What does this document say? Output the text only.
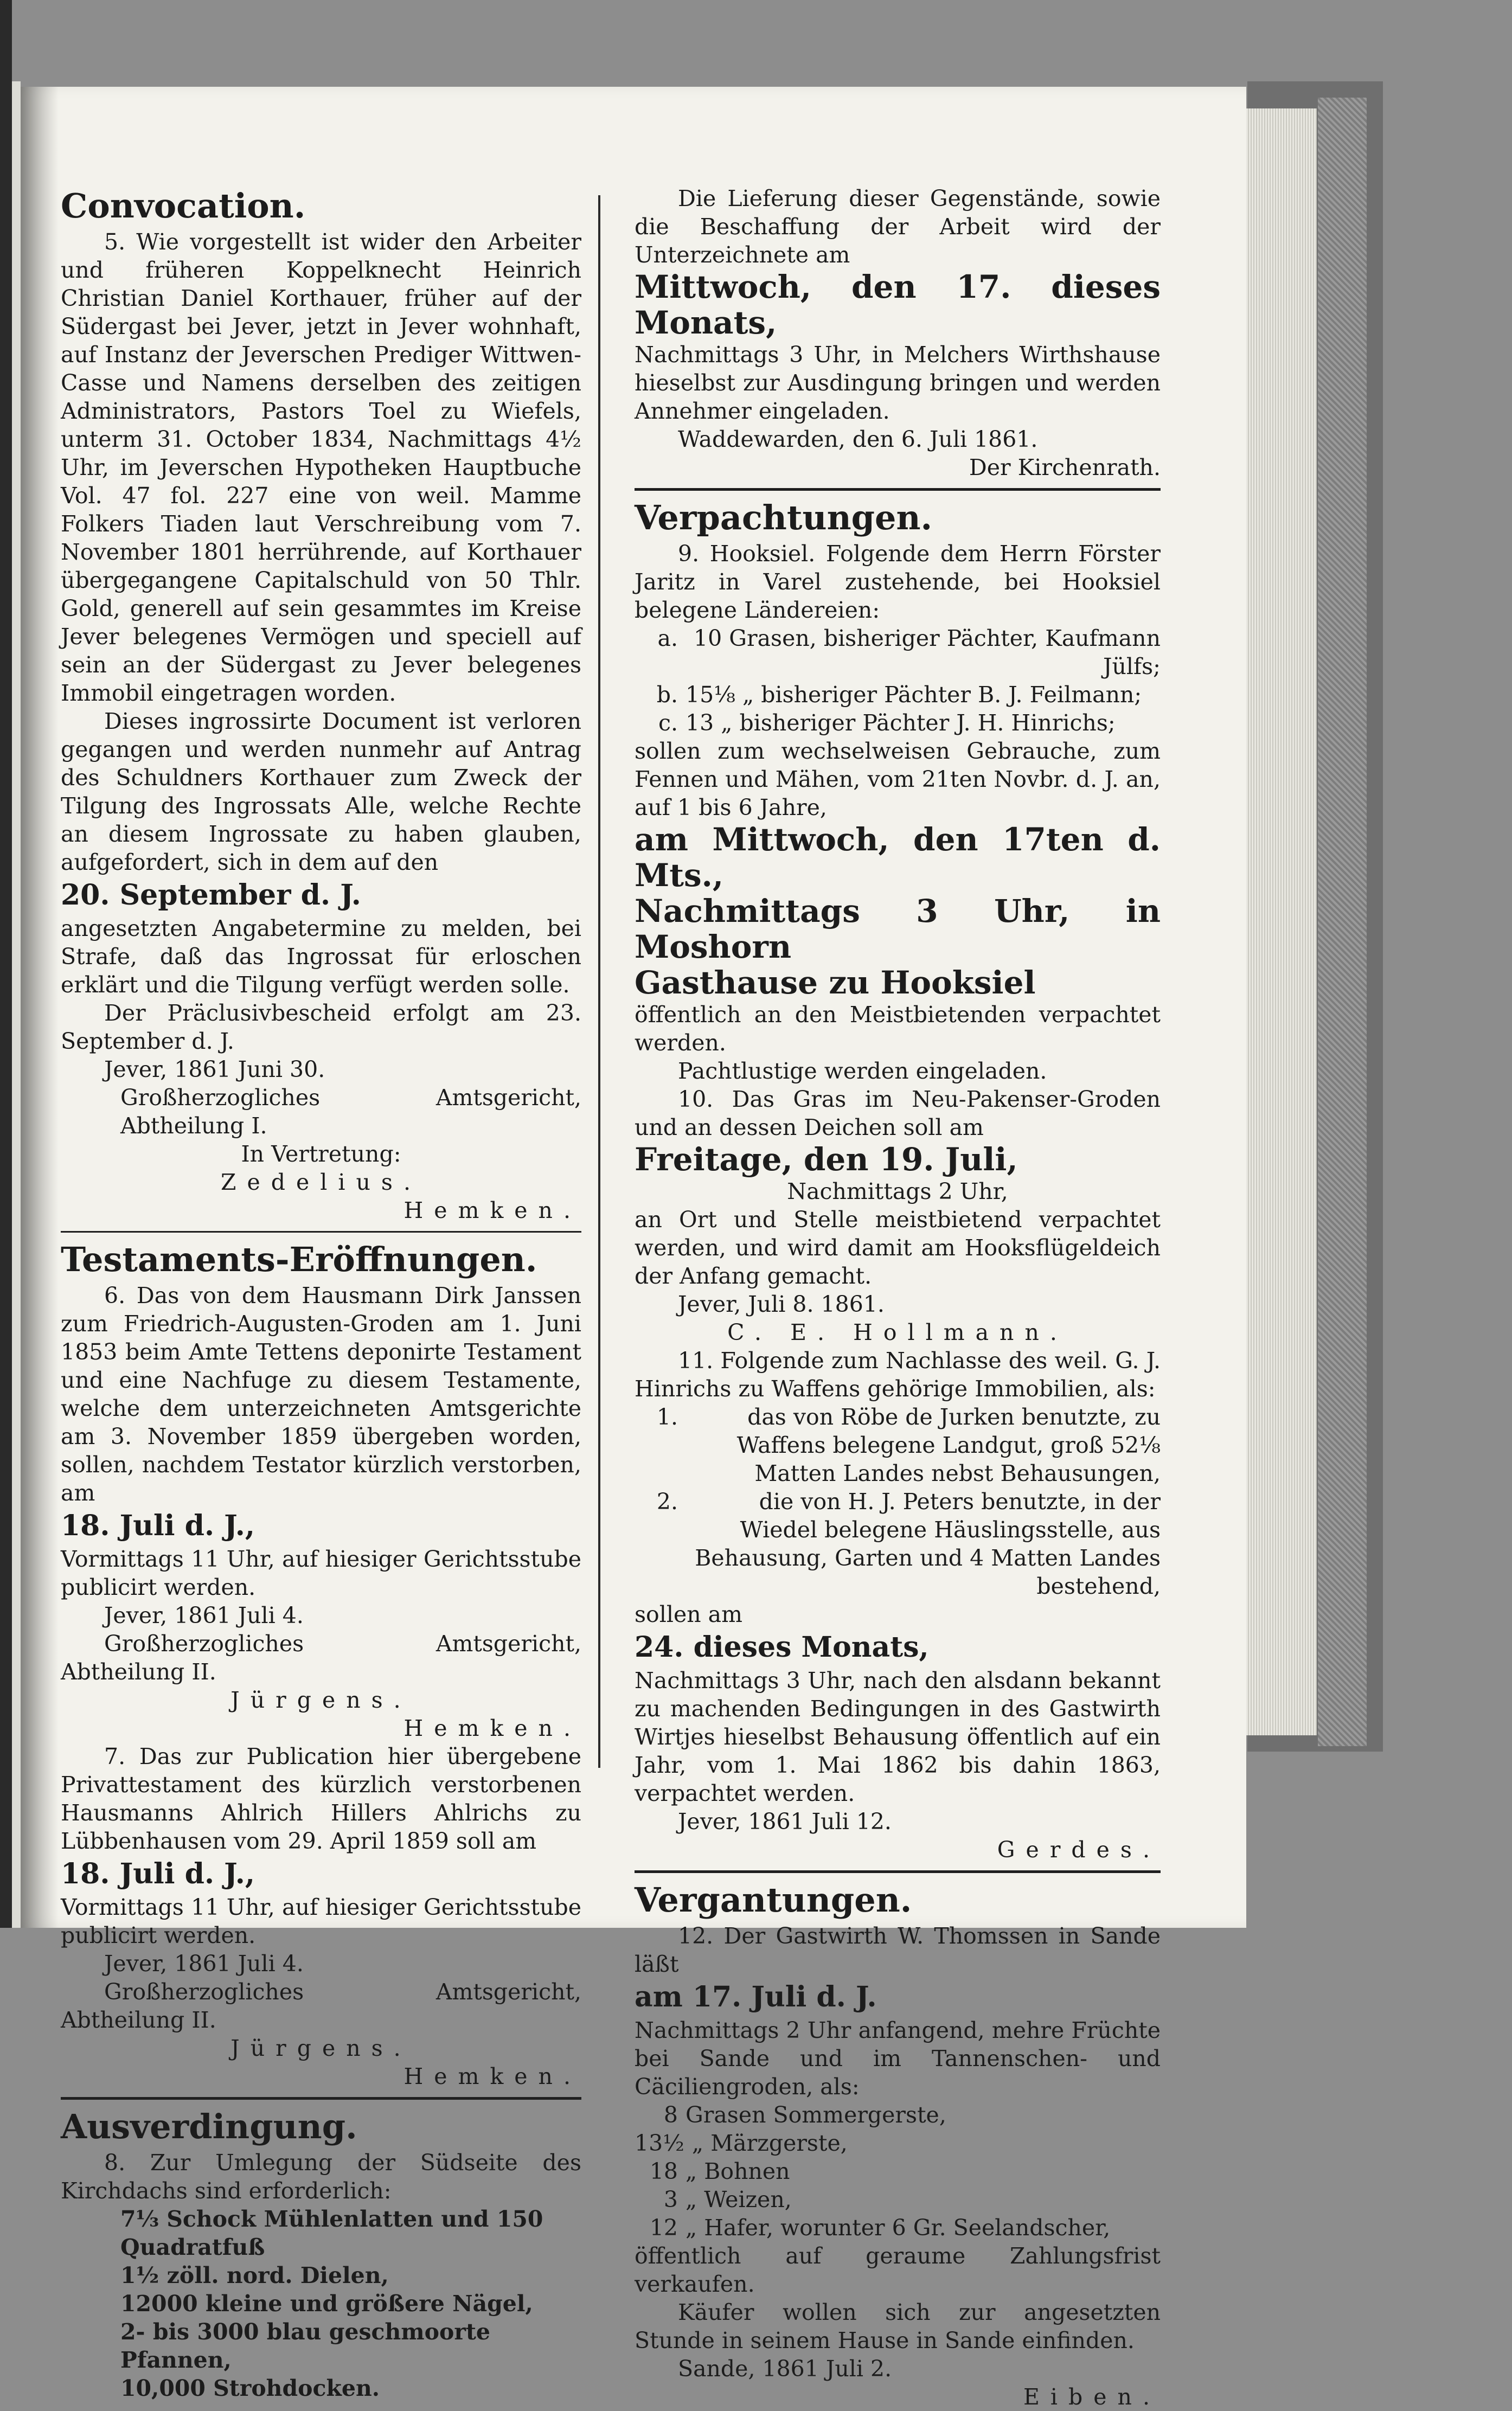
Convocation.

5. Wie vorgestellt ist wider den Arbeiter und früheren Koppelknecht Heinrich Christian Daniel Korthauer, früher auf der Südergast bei Jever, jetzt in Jever wohnhaft, auf Instanz der Jeverschen Prediger Wittwen-Casse und Namens derselben des zeitigen Administrators, Pastors Toel zu Wiefels, unterm 31. October 1834, Nachmittags 4½ Uhr, im Jeverschen Hypotheken Hauptbuche Vol. 47 fol. 227 eine von weil. Mamme Folkers Tiaden laut Verschreibung vom 7. November 1801 herrührende, auf Korthauer übergegangene Capitalschuld von 50 Thlr. Gold, generell auf sein gesammtes im Kreise Jever belegenes Vermögen und speciell auf sein an der Südergast zu Jever belegenes Immobil eingetragen worden.

Dieses ingrossirte Document ist verloren gegangen und werden nunmehr auf Antrag des Schuldners Korthauer zum Zweck der Tilgung des Ingrossats Alle, welche Rechte an diesem Ingrossate zu haben glauben, aufgefordert, sich in dem auf den

20. September d. J.

angesetzten Angabetermine zu melden, bei Strafe, daß das Ingrossat für erloschen erklärt und die Tilgung verfügt werden solle.

Der Präclusivbescheid erfolgt am 23. September d. J.

Jever, 1861 Juni 30.

Großherzogliches Amtsgericht, Abtheilung I.

In Vertretung:

Zedelius.

Hemken.

Testaments-Eröffnungen.

6. Das von dem Hausmann Dirk Janssen zum Friedrich-Augusten-Groden am 1. Juni 1853 beim Amte Tettens deponirte Testament und eine Nachfuge zu diesem Testamente, welche dem unterzeichneten Amtsgerichte am 3. November 1859 übergeben worden, sollen, nachdem Testator kürzlich verstorben, am

18. Juli d. J.,

Vormittags 11 Uhr, auf hiesiger Gerichtsstube publicirt werden.

Jever, 1861 Juli 4.

Großherzogliches Amtsgericht, Abtheilung II.

Jürgens.

Hemken.

7. Das zur Publication hier übergebene Privattestament des kürzlich verstorbenen Hausmanns Ahlrich Hillers Ahlrichs zu Lübbenhausen vom 29. April 1859 soll am

18. Juli d. J.,

Vormittags 11 Uhr, auf hiesiger Gerichtsstube publicirt werden.

Jever, 1861 Juli 4.

Großherzogliches Amtsgericht, Abtheilung II.

Jürgens.

Hemken.

Ausverdingung.

8. Zur Umlegung der Südseite des Kirchdachs sind erforderlich:

7⅓ Schock Mühlenlatten und 150 Quadratfuß
1½ zöll. nord. Dielen,
12000 kleine und größere Nägel,
2- bis 3000 blau geschmoorte Pfannen,
10,000 Strohdocken.

Die Lieferung dieser Gegenstände, sowie die Beschaffung der Arbeit wird der Unterzeichnete am

Mittwoch, den 17. dieses Monats,

Nachmittags 3 Uhr, in Melchers Wirthshause hieselbst zur Ausdingung bringen und werden Annehmer eingeladen.

Waddewarden, den 6. Juli 1861.

Der Kirchenrath.

Verpachtungen.

9. Hooksiel. Folgende dem Herrn Förster Jaritz in Varel zustehende, bei Hooksiel belegene Ländereien:

a. 10 Grasen, bisheriger Pächter, Kaufmann Jülfs;
b. 15⅛ „ bisheriger Pächter B. J. Feilmann;
c. 13 „ bisheriger Pächter J. H. Hinrichs;

sollen zum wechselweisen Gebrauche, zum Fennen und Mähen, vom 21ten Novbr. d. J. an, auf 1 bis 6 Jahre,

am Mittwoch, den 17ten d. Mts.,

Nachmittags 3 Uhr, in Moshorn

Gasthause zu Hooksiel

öffentlich an den Meistbietenden verpachtet werden.

Pachtlustige werden eingeladen.

10. Das Gras im Neu-Pakenser-Groden und an dessen Deichen soll am

Freitage, den 19. Juli,

Nachmittags 2 Uhr,

an Ort und Stelle meistbietend verpachtet werden, und wird damit am Hooksflügeldeich der Anfang gemacht.

Jever, Juli 8. 1861.

C. E. Hollmann.

11. Folgende zum Nachlasse des weil. G. J. Hinrichs zu Waffens gehörige Immobilien, als:

1.	das von Röbe de Jurken benutzte, zu Waffens belegene Landgut, groß 52⅛ Matten Landes nebst Behausungen,
2.	die von H. J. Peters benutzte, in der Wiedel belegene Häuslingsstelle, aus Behausung, Garten und 4 Matten Landes bestehend,

sollen am

24. dieses Monats,

Nachmittags 3 Uhr, nach den alsdann bekannt zu machenden Bedingungen in des Gastwirth Wirtjes hieselbst Behausung öffentlich auf ein Jahr, vom 1. Mai 1862 bis dahin 1863, verpachtet werden.

Jever, 1861 Juli 12.

Gerdes.

Vergantungen.

12. Der Gastwirth W. Thomssen in Sande läßt

am 17. Juli d. J.

Nachmittags 2 Uhr anfangend, mehre Früchte bei Sande und im Tannenschen- und Cäciliengroden, als:

8 Grasen Sommergerste,
13½ „ Märzgerste,
18 „ Bohnen
3 „ Weizen,
12 „ Hafer, worunter 6 Gr. Seelandscher,

öffentlich auf geraume Zahlungsfrist verkaufen.

Käufer wollen sich zur angesetzten Stunde in seinem Hause in Sande einfinden.

Sande, 1861 Juli 2.

Eiben.
